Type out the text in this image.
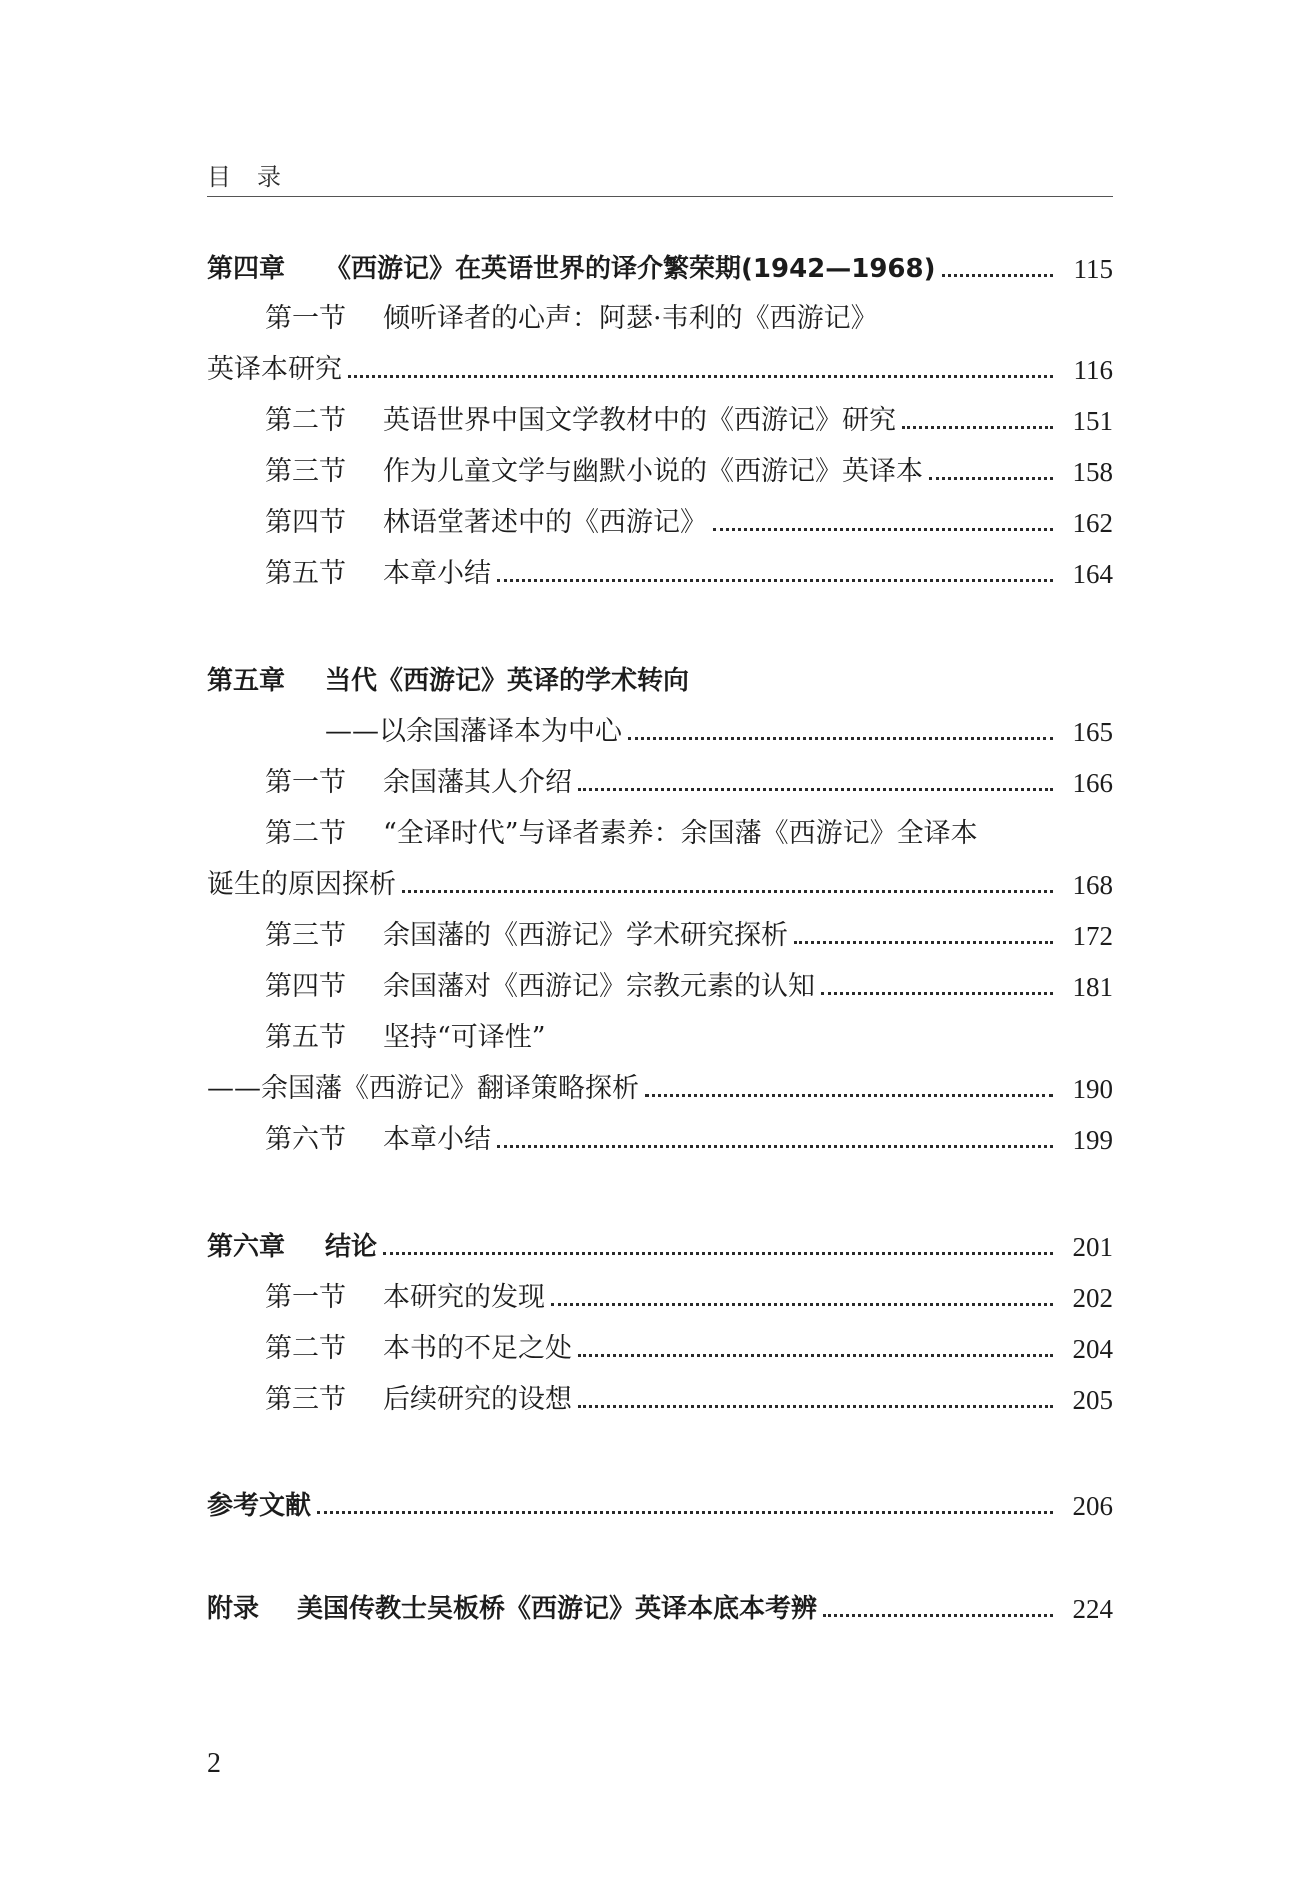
目录
第四章 《西游记》在英语世界的译介繁荣期(1942—1968)	115
第一节 倾听译者的心声：阿瑟·韦利的《西游记》
英译本研究	116
第二节 英语世界中国文学教材中的《西游记》研究	151
第三节 作为儿童文学与幽默小说的《西游记》英译本	158
第四节 林语堂著述中的《西游记》	162
第五节 本章小结	164
第五章 当代《西游记》英译的学术转向
——以余国藩译本为中心	165
第一节 余国藩其人介绍	166
第二节 “全译时代”与译者素养：余国藩《西游记》全译本
诞生的原因探析	168
第三节 余国藩的《西游记》学术研究探析	172
第四节 余国藩对《西游记》宗教元素的认知	181
第五节 坚持“可译性”
——余国藩《西游记》翻译策略探析	190
第六节 本章小结	199
第六章 结论	201
第一节 本研究的发现	202
第二节 本书的不足之处	204
第三节 后续研究的设想	205
参考文献	206
附录 美国传教士吴板桥《西游记》英译本底本考辨	224
2
